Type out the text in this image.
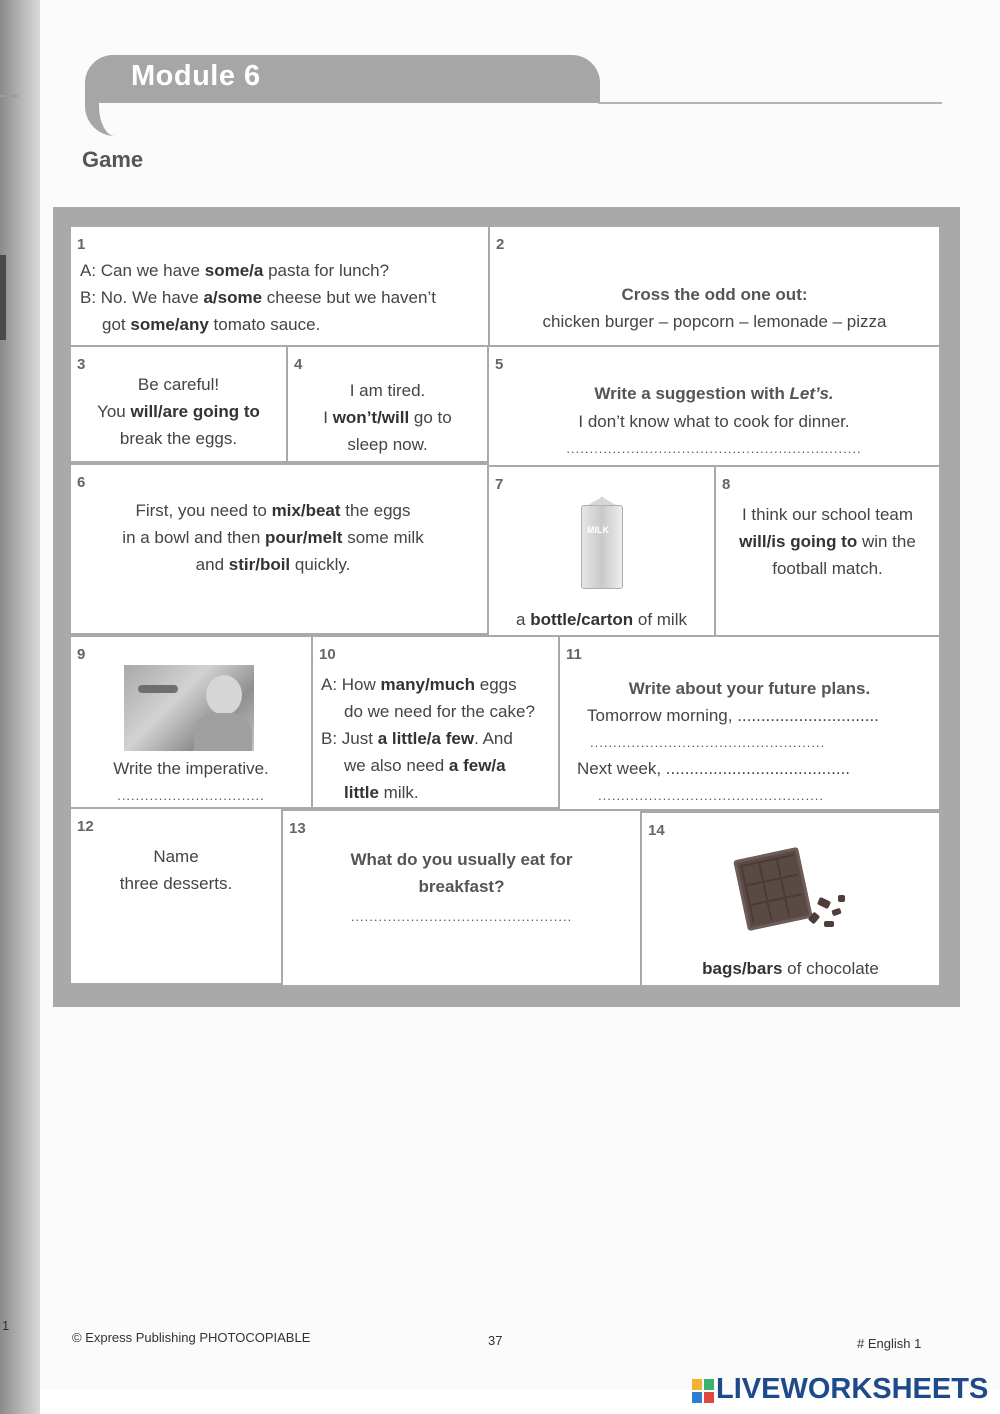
1
Module 6
Game
1
A: Can we have some/a pasta for lunch?
B: No. We have a/some cheese but we haven’t
got some/any tomato sauce.
2
Cross the odd one out:
chicken burger – popcorn – lemonade – pizza
3
Be careful!
You will/are going to
break the eggs.
4
I am tired.
I won’t/will go to
sleep now.
5
Write a suggestion with Let’s.
I don’t know what to cook for dinner.
................................................................
6
First, you need to mix/beat the eggs
in a bowl and then pour/melt some milk
and stir/boil quickly.
7
MILK
a bottle/carton of milk
8
I think our school team
will/is going to win the
football match.
9
Write the imperative.
................................
10
A: How many/much eggs
do we need for the cake?
B: Just a little/a few. And
we also need a few/a
little milk.
11
Write about your future plans.
Tomorrow morning, ..............................
...................................................
Next week, .......................................
.................................................
12
Name
three desserts.
13
What do you usually eat for
breakfast?
................................................
14
bags/bars of chocolate
© Express Publishing PHOTOCOPIABLE	37	# English 1
LIVEWORKSHEETS
